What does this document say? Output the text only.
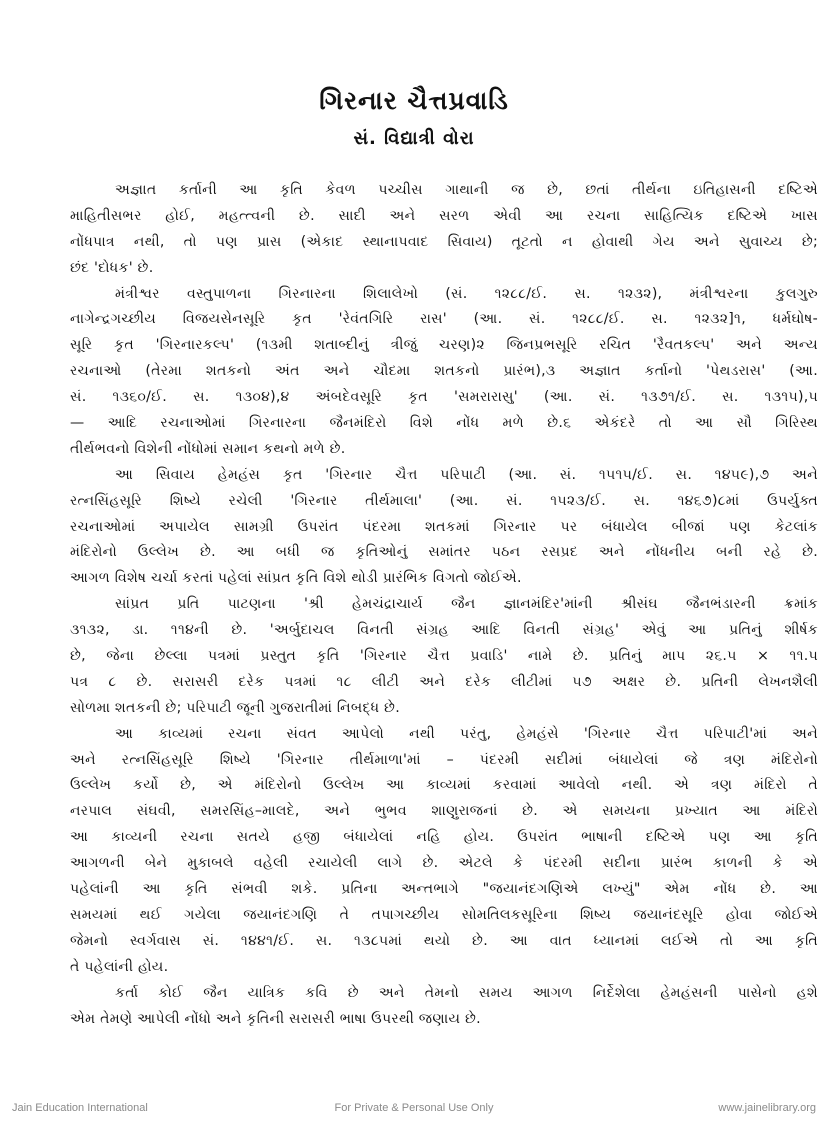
ગિરનાર ચૈત્તપ્રવાડિ
સં. વિદ્યાત્રી વોરા
અજ્ઞાત કર્તાની આ કૃતિ કેવળ પચ્ચીસ ગાથાની જ છે, છતાં તીર્થના ઇતિહાસની દષ્ટિએ
માહિતીસભર હોઈ, મહત્ત્વની છે. સાદી અને સરળ એવી આ રચના સાહિત્યિક દષ્ટિએ ખાસ
નોંધપાત્ર નથી, તો પણ પ્રાસ (એકાદ સ્થાનાપવાદ સિવાય) તૂટતો ન હોવાથી ગેય અને સુવાચ્ય છે;
છંદ 'દોધક' છે.
મંત્રીશ્વર વસ્તુપાળના ગિરનારના શિલાલેખો (સં. ૧૨૮૮/ઈ. સ. ૧૨૩૨), મંત્રીશ્વરના કુલગુરુ
નાગેન્દ્રગચ્છીય વિજયસેનસૂરિ કૃત 'રેવંતગિરિ રાસ' (આ. સં. ૧૨૮૮/ઈ. સ. ૧૨૩૨]૧, ધર્મઘોષ-
સૂરિ કૃત 'ગિરનારકલ્પ' (૧૩મી શતાબ્દીનું ત્રીજું ચરણ)૨ જિનપ્રભસૂરિ રચિત 'રૈવતકલ્પ' અને અન્ય
રચનાઓ (તેરમા શતકનો અંત અને ચૌદમા શતકનો પ્રારંભ),૩ અજ્ઞાત કર્તાનો 'પેથડરાસ' (આ.
સં. ૧૩૬૦/ઈ. સ. ૧૩૦૪),૪ અંબદેવસૂરિ કૃત 'સમરારાસુ' (આ. સં. ૧૩૭૧/ઈ. સ. ૧૩૧૫),૫
— આદિ રચનાઓમાં ગિરનારના જૈનમંદિરો વિશે નોંધ મળે છે.૬ એકંદરે તો આ સૌ ગિરિસ્થ
તીર્થભવનો વિશેની નોંધોમાં સમાન કથનો મળે છે.
આ સિવાય હેમહંસ કૃત 'ગિરનાર ચૈત્ત પરિપાટી (આ. સં. ૧૫૧૫/ઈ. સ. ૧૪૫૯),૭ અને
રત્નસિંહસૂરિ શિષ્યે રચેલી 'ગિરનાર તીર્થમાલા' (આ. સં. ૧૫૨૩/ઈ. સ. ૧૪૬૭)૮માં ઉપર્યુક્ત
રચનાઓમાં અપાયેલ સામગ્રી ઉપરાંત પંદરમા શતકમાં ગિરનાર પર બંધાયેલ બીજાં પણ કેટલાંક
મંદિરોનો ઉલ્લેખ છે. આ બધી જ કૃતિઓનું સમાંતર પઠન રસપ્રદ અને નોંધનીય બની રહે છે.
આગળ વિશેષ ચર્ચા કરતાં પહેલાં સાંપ્રત કૃતિ વિશે થોડી પ્રારંભિક વિગતો જોઈએ.
સાંપ્રત પ્રતિ પાટણના 'શ્રી હેમચંદ્રાચાર્ય જૈન જ્ઞાનમંદિર'માંની શ્રીસંઘ જૈનભંડારની ક્રમાંક
૩૧૩૨, ડા. ૧૧૪ની છે. 'અર્બુદાચલ વિનતી સંગ્રહ આદિ વિનતી સંગ્રહ' એવું આ પ્રતિનું શીર્ષક
છે, જેના છેલ્લા પત્રમાં પ્રસ્તુત કૃતિ 'ગિરનાર ચૈત્ત પ્રવાડિ' નામે છે. પ્રતિનું માપ ૨૬.૫ × ૧૧.૫
પત્ર ૮ છે. સરાસરી દરેક પત્રમાં ૧૮ લીટી અને દરેક લીટીમાં ૫૭ અક્ષર છે. પ્રતિની લેખનશૈલી
સોળમા શતકની છે; પરિપાટી જૂની ગુજરાતીમાં નિબદ્ધ છે.
આ કાવ્યમાં રચના સંવત આપેલો નથી પરંતુ, હેમહંસે 'ગિરનાર ચૈત્ત પરિપાટી'માં અને
અને રત્નસિંહસૂરિ શિષ્યે 'ગિરનાર તીર્થમાળા'માં – પંદરમી સદીમાં બંધાયેલાં જે ત્રણ મંદિરોનો
ઉલ્લેખ કર્યો છે, એ મંદિરોનો ઉલ્લેખ આ કાવ્યમાં કરવામાં આવેલો નથી. એ ત્રણ મંદિરો તે
નરપાલ સંઘવી, સમરસિંહ–માલદે, અને ભુભવ શાણુરાજનાં છે. એ સમયના પ્રખ્યાત આ મંદિરો
આ કાવ્યની રચના સતયે હજી બંધાયેલાં નહિ હોય. ઉપરાંત ભાષાની દષ્ટિએ પણ આ કૃતિ
આગળની બેને મુકાબલે વહેલી રચાયેલી લાગે છે. એટલે કે પંદરમી સદીના પ્રારંભ કાળની કે એ
પહેલાંની આ કૃતિ સંભવી શકે. પ્રતિના અન્તભાગે "જયાનંદગણિએ લખ્યું" એમ નોંધ છે. આ
સમયમાં થઈ ગયેલા જયાનંદગણિ તે તપાગચ્છીય સોમતિલકસૂરિના શિષ્ય જયાનંદસૂરિ હોવા જોઈએ
જેમનો સ્વર્ગવાસ સં. ૧૪૪૧/ઈ. સ. ૧૩૮૫માં થયો છે. આ વાત ધ્યાનમાં લઈએ તો આ કૃતિ
તે પહેલાંની હોય.
કર્તા કોઈ જૈન યાત્રિક કવિ છે અને તેમનો સમય આગળ નિર્દેશેલા હેમહંસની પાસેનો હશે
એમ તેમણે આપેલી નોંધો અને કૃતિની સરાસરી ભાષા ઉપરથી જણાય છે.
Jain Education International	For Private & Personal Use Only	www.jainelibrary.org
